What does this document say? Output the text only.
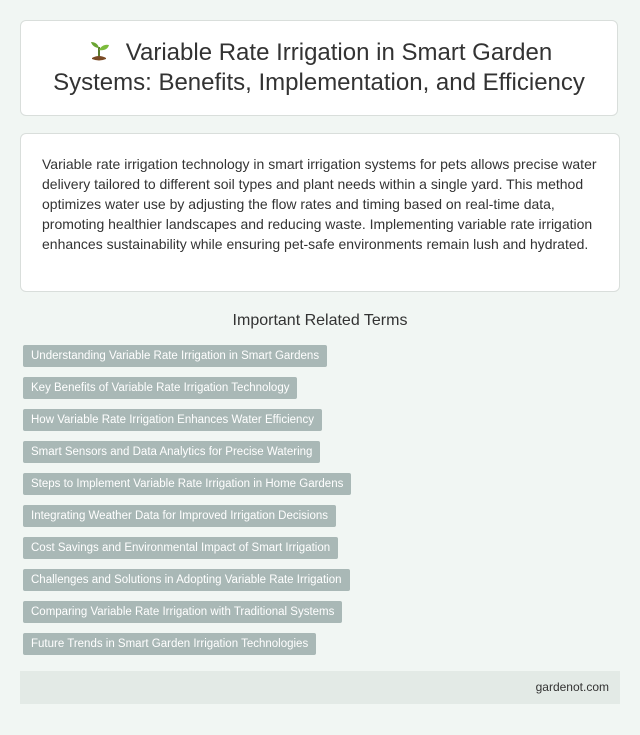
Variable Rate Irrigation in Smart Garden Systems: Benefits, Implementation, and Efficiency

Variable rate irrigation technology in smart irrigation systems for pets allows precise water delivery tailored to different soil types and plant needs within a single yard. This method optimizes water use by adjusting the flow rates and timing based on real-time data, promoting healthier landscapes and reducing waste. Implementing variable rate irrigation enhances sustainability while ensuring pet-safe environments remain lush and hydrated.

Important Related Terms
Understanding Variable Rate Irrigation in Smart Gardens
Key Benefits of Variable Rate Irrigation Technology
How Variable Rate Irrigation Enhances Water Efficiency
Smart Sensors and Data Analytics for Precise Watering
Steps to Implement Variable Rate Irrigation in Home Gardens
Integrating Weather Data for Improved Irrigation Decisions
Cost Savings and Environmental Impact of Smart Irrigation
Challenges and Solutions in Adopting Variable Rate Irrigation
Comparing Variable Rate Irrigation with Traditional Systems
Future Trends in Smart Garden Irrigation Technologies
gardenot.com
